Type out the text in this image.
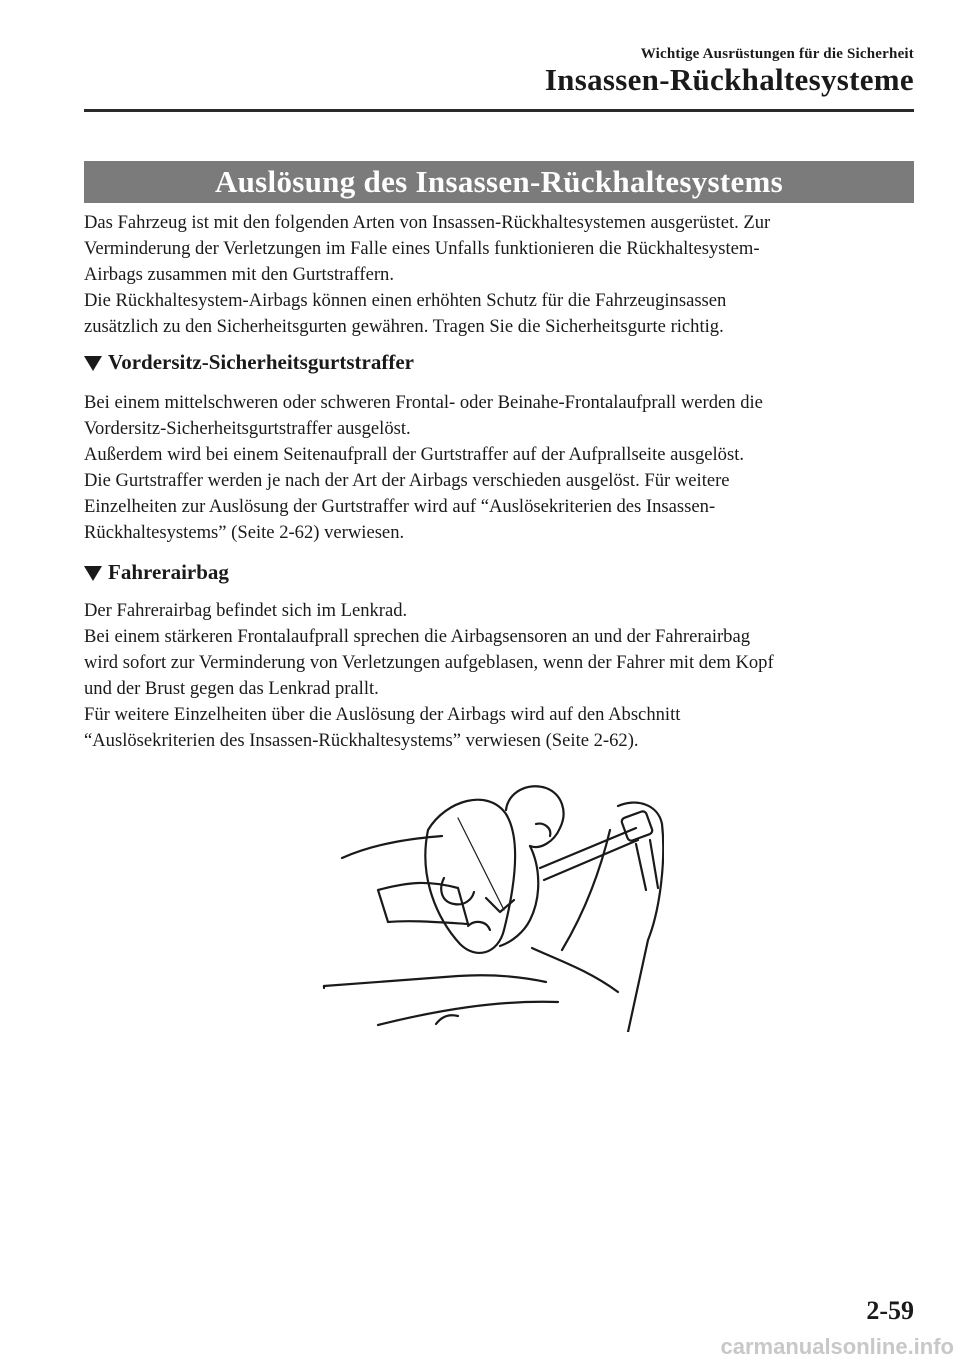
Wichtige Ausrüstungen für die Sicherheit
Insassen-Rückhaltesysteme
Auslösung des Insassen-Rückhaltesystems

Das Fahrzeug ist mit den folgenden Arten von Insassen-Rückhaltesystemen ausgerüstet. Zur
Verminderung der Verletzungen im Falle eines Unfalls funktionieren die Rückhaltesystem-
Airbags zusammen mit den Gurtstraffern.
Die Rückhaltesystem-Airbags können einen erhöhten Schutz für die Fahrzeuginsassen
zusätzlich zu den Sicherheitsgurten gewähren. Tragen Sie die Sicherheitsgurte richtig.

Vordersitz-Sicherheitsgurtstraffer

Bei einem mittelschweren oder schweren Frontal- oder Beinahe-Frontalaufprall werden die
Vordersitz-Sicherheitsgurtstraffer ausgelöst.
Außerdem wird bei einem Seitenaufprall der Gurtstraffer auf der Aufprallseite ausgelöst.
Die Gurtstraffer werden je nach der Art der Airbags verschieden ausgelöst. Für weitere
Einzelheiten zur Auslösung der Gurtstraffer wird auf “Auslösekriterien des Insassen-
Rückhaltesystems” (Seite 2-62) verwiesen.

Fahrerairbag

Der Fahrerairbag befindet sich im Lenkrad.
Bei einem stärkeren Frontalaufprall sprechen die Airbagsensoren an und der Fahrerairbag
wird sofort zur Verminderung von Verletzungen aufgeblasen, wenn der Fahrer mit dem Kopf
und der Brust gegen das Lenkrad prallt.
Für weitere Einzelheiten über die Auslösung der Airbags wird auf den Abschnitt
“Auslösekriterien des Insassen-Rückhaltesystems” verwiesen (Seite 2-62).

2-59
carmanualsonline.info
